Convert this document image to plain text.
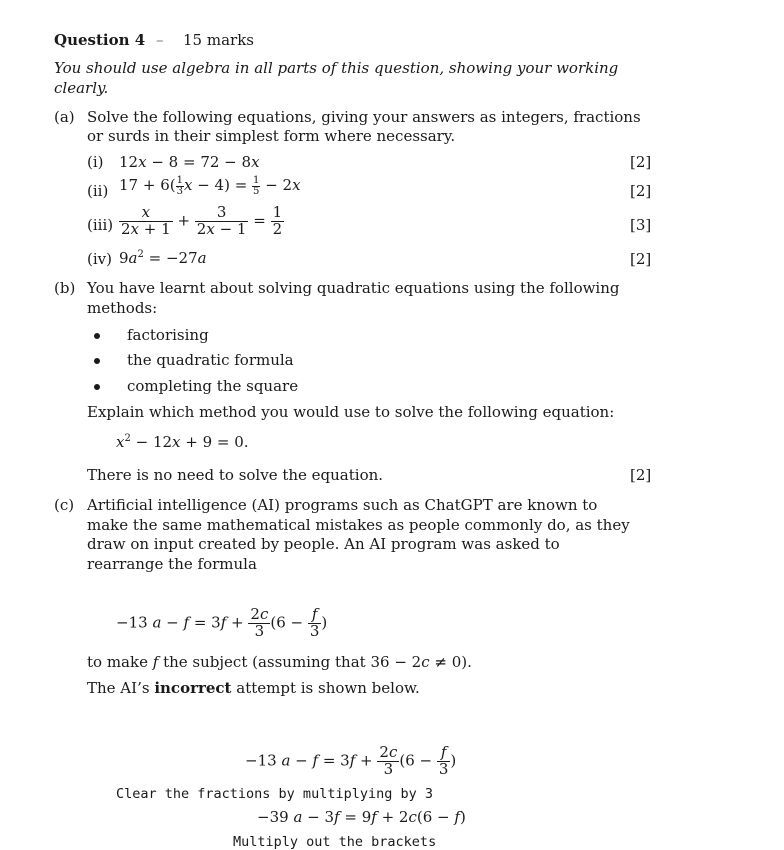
Question 4 – 15 marks
You should use algebra in all parts of this question, showing your working
clearly.
(a) Solve the following equations, giving your answers as integers, fractions
or surds in their simplest form where necessary.
(i) 12x − 8 = 72 − 8x	[2]
(ii) $17 + 6( \frac{1}{3}$ $x - 4) = \frac{1}{5} - 2x$	[2]
$(iii) \frac{x}{2x + 1} + \frac{3}{2x - 1} = \frac{1}{2}$	[3]
(iv) $9a^2 = -27a$	[2]
(b) You have learnt about solving quadratic equations using the following
methods:
factorising
the quadratic formula
completing the square
Explain which method you would use to solve the following equation:
$x^2 - 12x + 9 = 0$.
There is no need to solve the equation.	[2]
(c) Artificial intelligence (AI) programs such as ChatGPT are known to
make the same mathematical mistakes as people commonly do, as they
draw on input created by people. An AI program was asked to
rearrange the formula
−13 $a - f = 3f + \frac{2c}{3} (6 - \frac{f}{3}$ )
to make f the subject (assuming that 36 − 2c ≠ 0).
The AI’s incorrect attempt is shown below.
−13 $a - f = 3f + \frac{2c}{3} (6 - \frac{f}{3}$ )
Clear the fractions by multiplying by 3
−39 a − 3f = 9f + 2c(6 − f)
Multiply out the brackets
